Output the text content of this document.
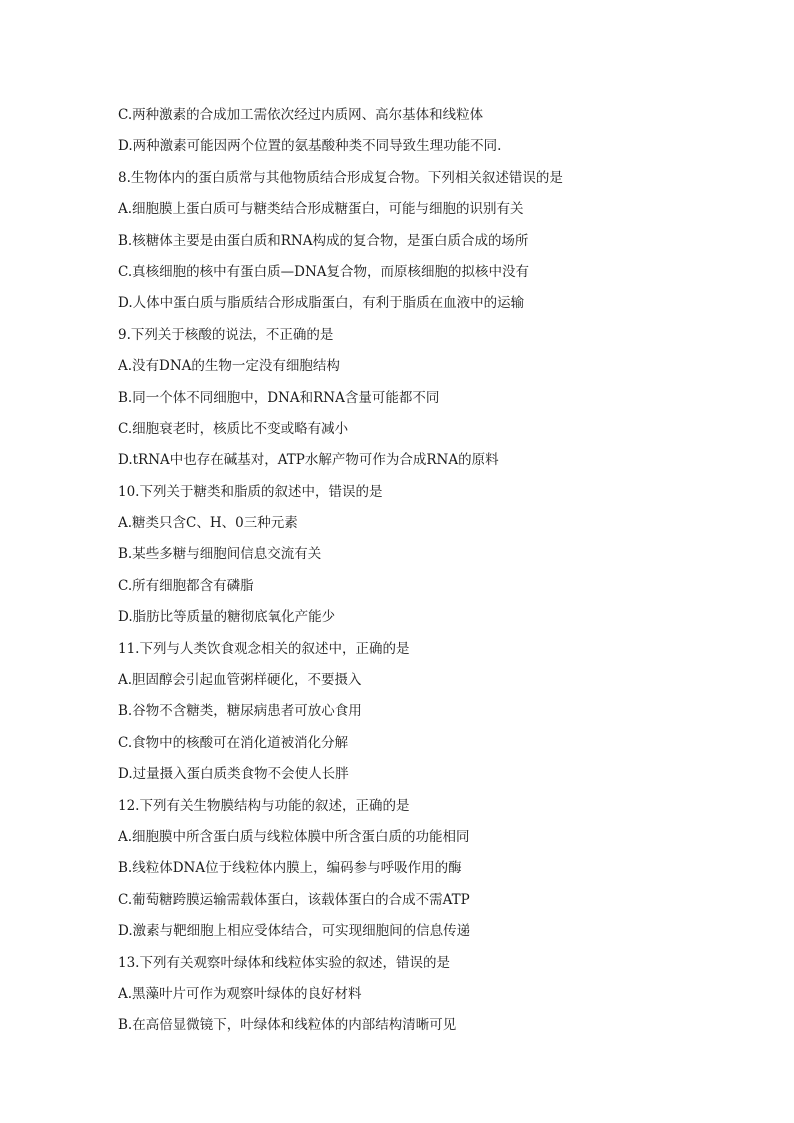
C.两种激素的合成加工需依次经过内质网、高尔基体和线粒体
D.两种激素可能因两个位置的氨基酸种类不同导致生理功能不同.
8.生物体内的蛋白质常与其他物质结合形成复合物。下列相关叙述错误的是
A.细胞膜上蛋白质可与糖类结合形成糖蛋白，可能与细胞的识别有关
B.核糖体主要是由蛋白质和RNA构成的复合物，是蛋白质合成的场所
C.真核细胞的核中有蛋白质—DNA复合物，而原核细胞的拟核中没有
D.人体中蛋白质与脂质结合形成脂蛋白，有利于脂质在血液中的运输
9.下列关于核酸的说法，不正确的是
A.没有DNA的生物一定没有细胞结构
B.同一个体不同细胞中，DNA和RNA含量可能都不同
C.细胞衰老时，核质比不变或略有减小
D.tRNA中也存在碱基对，ATP水解产物可作为合成RNA的原料
10.下列关于糖类和脂质的叙述中，错误的是
A.糖类只含C、H、0三种元素
B.某些多糖与细胞间信息交流有关
C.所有细胞都含有磷脂
D.脂肪比等质量的糖彻底氧化产能少
11.下列与人类饮食观念相关的叙述中，正确的是
A.胆固醇会引起血管粥样硬化，不要摄入
B.谷物不含糖类，糖尿病患者可放心食用
C.食物中的核酸可在消化道被消化分解
D.过量摄入蛋白质类食物不会使人长胖
12.下列有关生物膜结构与功能的叙述，正确的是
A.细胞膜中所含蛋白质与线粒体膜中所含蛋白质的功能相同
B.线粒体DNA位于线粒体内膜上，编码参与呼吸作用的酶
C.葡萄糖跨膜运输需载体蛋白，该载体蛋白的合成不需ATP
D.激素与靶细胞上相应受体结合，可实现细胞间的信息传递
13.下列有关观察叶绿体和线粒体实验的叙述，错误的是
A.黑藻叶片可作为观察叶绿体的良好材料
B.在高倍显微镜下，叶绿体和线粒体的内部结构清晰可见
